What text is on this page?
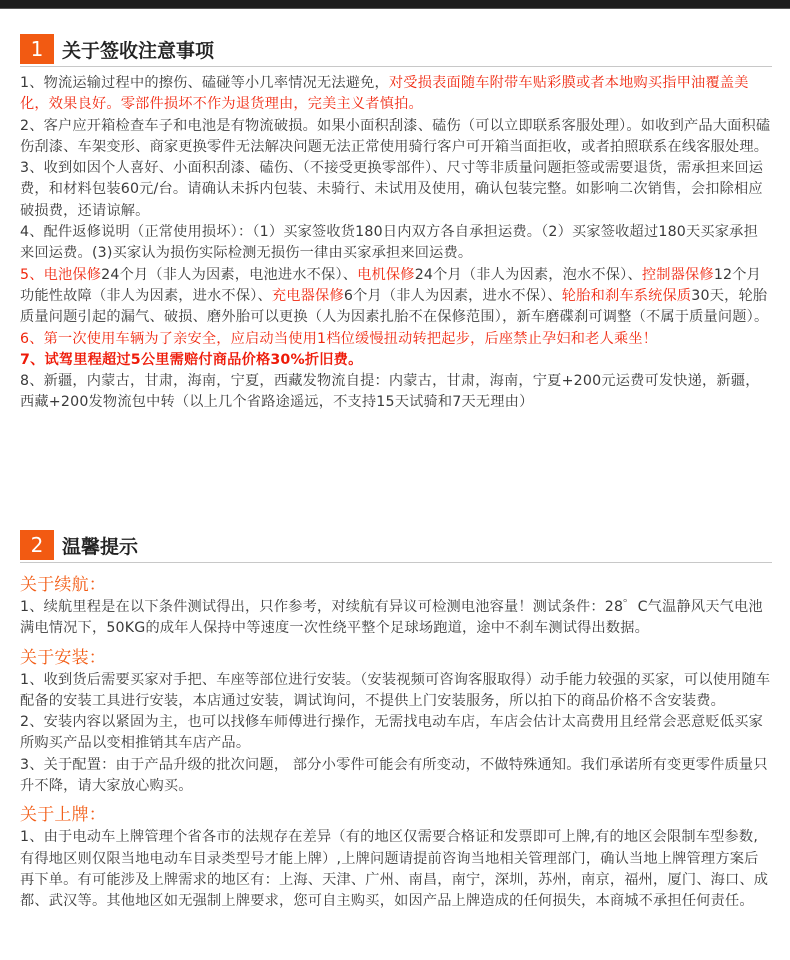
1 关于签收注意事项

1、物流运输过程中的擦伤、磕碰等小几率情况无法避免，对受损表面随车附带车贴彩膜或者本地购买指甲油覆盖美化，效果良好。零部件损坏不作为退货理由，完美主义者慎拍。

2、客户应开箱检查车子和电池是有物流破损。如果小面积刮漆、磕伤（可以立即联系客服处理）。如收到产品大面积磕伤刮漆、车架变形、商家更换零件无法解决问题无法正常使用骑行客户可开箱当面拒收，或者拍照联系在线客服处理。

3、收到如因个人喜好、小面积刮漆、磕伤、（不接受更换零部件）、尺寸等非质量问题拒签或需要退货，需承担来回运费，和材料包装60元/台。请确认未拆内包装、未骑行、未试用及使用，确认包装完整。如影响二次销售，会扣除相应破损费，还请谅解。

4、配件返修说明（正常使用损坏）：（1）买家签收货180日内双方各自承担运费。（2）买家签收超过180天买家承担来回运费。(3)买家认为损伤实际检测无损伤一律由买家承担来回运费。

5、电池保修24个月（非人为因素，电池进水不保）、电机保修24个月（非人为因素，泡水不保）、控制器保修12个月 功能性故障（非人为因素，进水不保）、充电器保修6个月（非人为因素，进水不保）、轮胎和刹车系统保质30天，轮胎质量问题引起的漏气、破损、磨外胎可以更换（人为因素扎胎不在保修范围），新车磨碟刹可调整（不属于质量问题）。

6、第一次使用车辆为了亲安全，应启动当使用1档位缓慢扭动转把起步，后座禁止孕妇和老人乘坐！

7、试驾里程超过5公里需赔付商品价格30%折旧费。

8、新疆，内蒙古，甘肃，海南，宁夏，西藏发物流自提：内蒙古，甘肃，海南，宁夏+200元运费可发快递，新疆，西藏+200发物流包中转（以上几个省路途遥远，不支持15天试骑和7天无理由）

2 温馨提示

关于续航：

1、续航里程是在以下条件测试得出，只作参考，对续航有异议可检测电池容量！测试条件：28゜C气温静风天气电池满电情况下，50KG的成年人保持中等速度一次性绕平整个足球场跑道，途中不刹车测试得出数据。

关于安装：

1、收到货后需要买家对手把、车座等部位进行安装。（安装视频可咨询客服取得）动手能力较强的买家，可以使用随车配备的安装工具进行安装，本店通过安装，调试询问，不提供上门安装服务，所以拍下的商品价格不含安装费。

2、安装内容以紧固为主，也可以找修车师傅进行操作，无需找电动车店，车店会估计太高费用且经常会恶意贬低买家所购买产品以变相推销其车店产品。

3、关于配置：由于产品升级的批次问题， 部分小零件可能会有所变动，不做特殊通知。我们承诺所有变更零件质量只升不降，请大家放心购买。

关于上牌：

1、由于电动车上牌管理个省各市的法规存在差异（有的地区仅需要合格证和发票即可上牌,有的地区会限制车型参数,有得地区则仅限当地电动车目录类型号才能上牌）,上牌问题请提前咨询当地相关管理部门，确认当地上牌管理方案后再下单。有可能涉及上牌需求的地区有：上海、天津、广州、南昌，南宁，深圳，苏州，南京，福州，厦门、海口、成都、武汉等。其他地区如无强制上牌要求，您可自主购买，如因产品上牌造成的任何损失，本商城不承担任何责任。
